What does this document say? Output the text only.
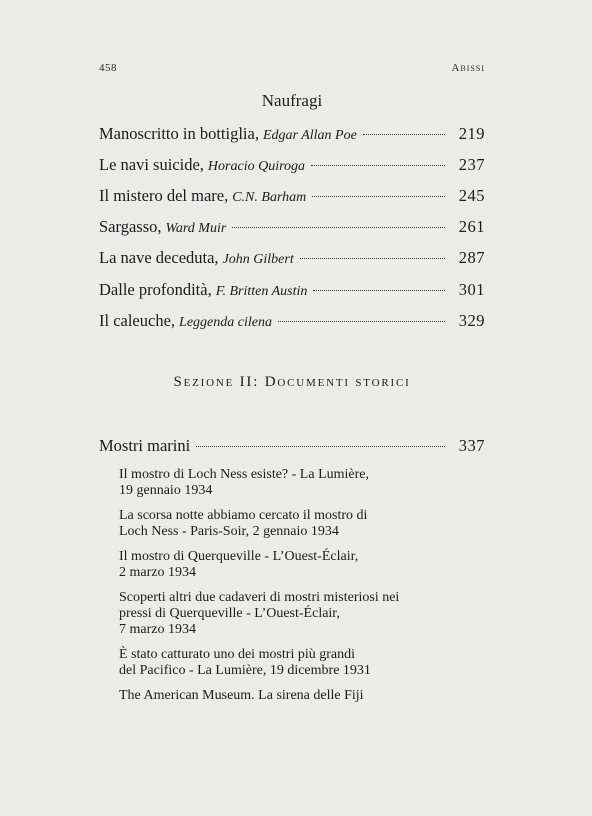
458	Abissi
Naufragi
Manoscritto in bottiglia, Edgar Allan Poe	219
Le navi suicide, Horacio Quiroga	237
Il mistero del mare, C.N. Barham	245
Sargasso, Ward Muir	261
La nave deceduta, John Gilbert	287
Dalle profondità, F. Britten Austin	301
Il caleuche, Leggenda cilena	329
Sezione II: Documenti storici
Mostri marini	337
Il mostro di Loch Ness esiste? - La Lumière,
19 gennaio 1934
La scorsa notte abbiamo cercato il mostro di
Loch Ness - Paris-Soir, 2 gennaio 1934
Il mostro di Querqueville - L’Ouest-Éclair,
2 marzo 1934
Scoperti altri due cadaveri di mostri misteriosi nei
pressi di Querqueville - L’Ouest-Éclair,
7 marzo 1934
È stato catturato uno dei mostri più grandi
del Pacifico - La Lumière, 19 dicembre 1931
The American Museum. La sirena delle Fiji
